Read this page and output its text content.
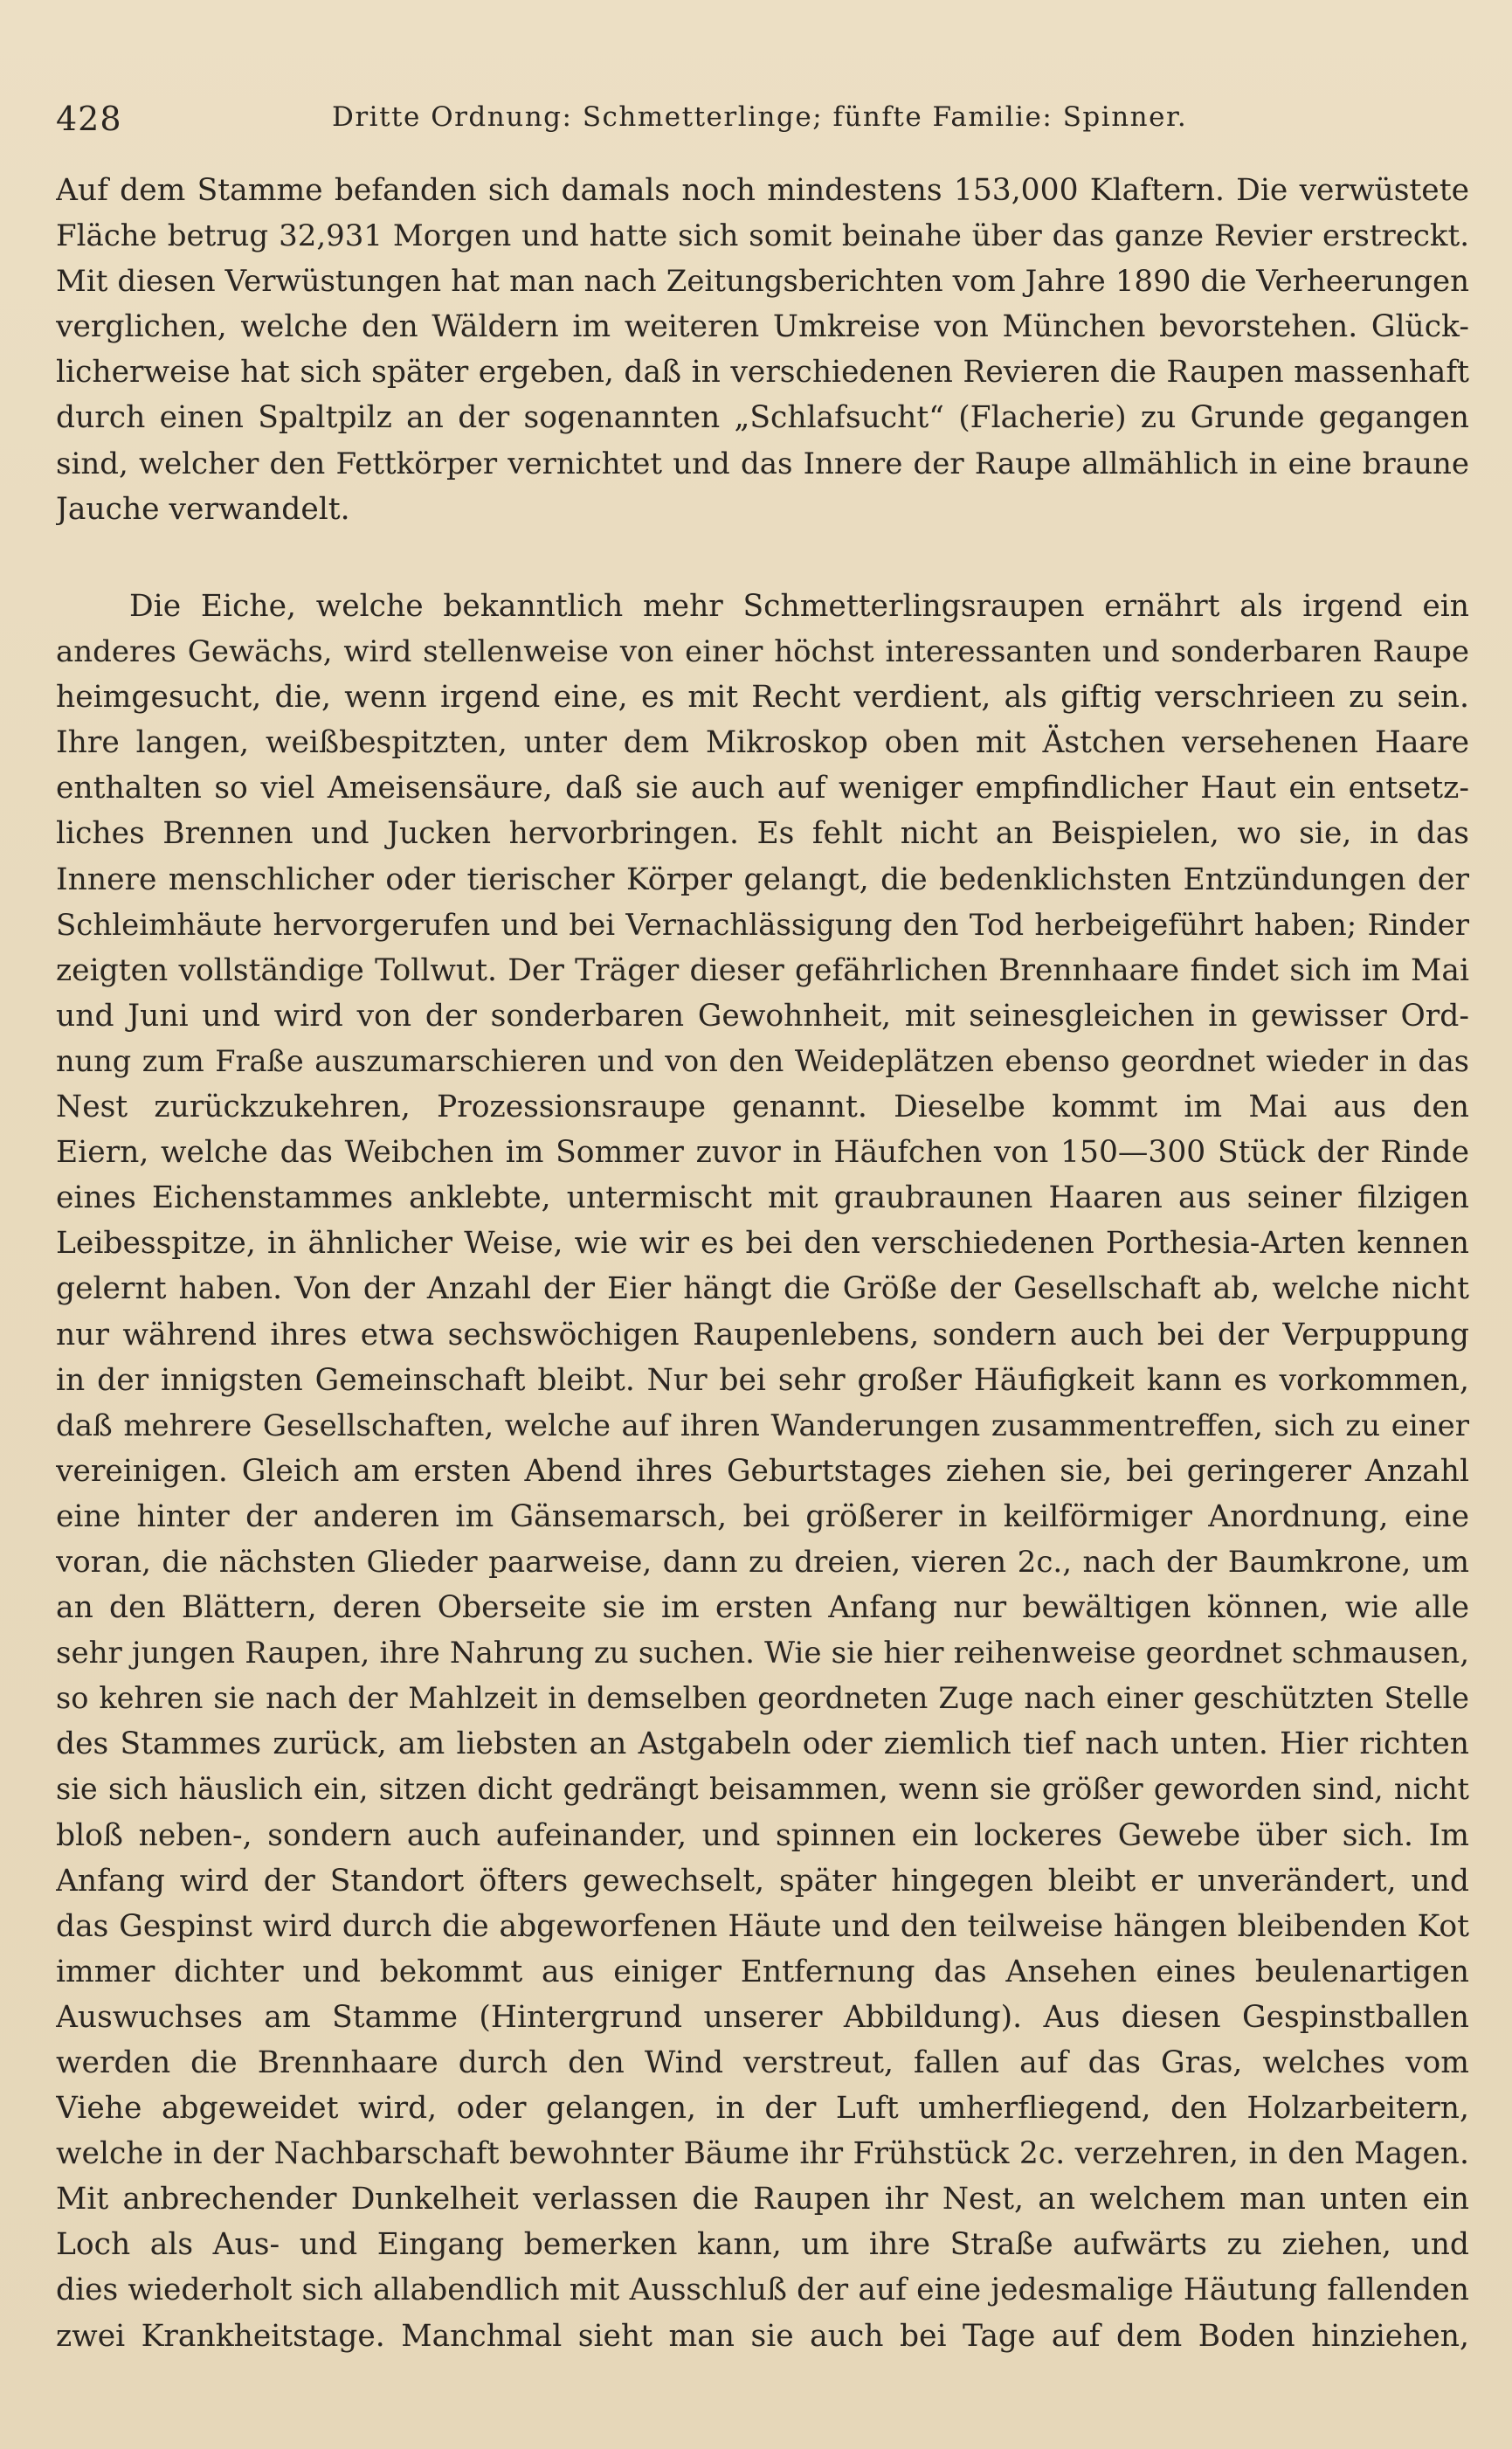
428	Dritte Ordnung: Schmetterlinge; fünfte Familie: Spinner.
Auf dem Stamme befanden sich damals noch mindestens 153,000 Klaftern. Die verwüstete
Fläche betrug 32,931 Morgen und hatte sich somit beinahe über das ganze Revier erstreckt.
Mit diesen Verwüstungen hat man nach Zeitungsberichten vom Jahre 1890 die Verheerungen
verglichen, welche den Wäldern im weiteren Umkreise von München bevorstehen. Glück-
licherweise hat sich später ergeben, daß in verschiedenen Revieren die Raupen massenhaft
durch einen Spaltpilz an der sogenannten „Schlafsucht“ (Flacherie) zu Grunde gegangen
sind, welcher den Fettkörper vernichtet und das Innere der Raupe allmählich in eine braune
Jauche verwandelt.
Die Eiche, welche bekanntlich mehr Schmetterlingsraupen ernährt als irgend ein
anderes Gewächs, wird stellenweise von einer höchst interessanten und sonderbaren Raupe
heimgesucht, die, wenn irgend eine, es mit Recht verdient, als giftig verschrieen zu sein.
Ihre langen, weißbespitzten, unter dem Mikroskop oben mit Ästchen versehenen Haare
enthalten so viel Ameisensäure, daß sie auch auf weniger empfindlicher Haut ein entsetz-
liches Brennen und Jucken hervorbringen. Es fehlt nicht an Beispielen, wo sie, in das
Innere menschlicher oder tierischer Körper gelangt, die bedenklichsten Entzündungen der
Schleimhäute hervorgerufen und bei Vernachlässigung den Tod herbeigeführt haben; Rinder
zeigten vollständige Tollwut. Der Träger dieser gefährlichen Brennhaare findet sich im Mai
und Juni und wird von der sonderbaren Gewohnheit, mit seinesgleichen in gewisser Ord-
nung zum Fraße auszumarschieren und von den Weideplätzen ebenso geordnet wieder in das
Nest zurückzukehren, Prozessionsraupe genannt. Dieselbe kommt im Mai aus den
Eiern, welche das Weibchen im Sommer zuvor in Häufchen von 150—300 Stück der Rinde
eines Eichenstammes anklebte, untermischt mit graubraunen Haaren aus seiner filzigen
Leibesspitze, in ähnlicher Weise, wie wir es bei den verschiedenen Porthesia-Arten kennen
gelernt haben. Von der Anzahl der Eier hängt die Größe der Gesellschaft ab, welche nicht
nur während ihres etwa sechswöchigen Raupenlebens, sondern auch bei der Verpuppung
in der innigsten Gemeinschaft bleibt. Nur bei sehr großer Häufigkeit kann es vorkommen,
daß mehrere Gesellschaften, welche auf ihren Wanderungen zusammentreffen, sich zu einer
vereinigen. Gleich am ersten Abend ihres Geburtstages ziehen sie, bei geringerer Anzahl
eine hinter der anderen im Gänsemarsch, bei größerer in keilförmiger Anordnung, eine
voran, die nächsten Glieder paarweise, dann zu dreien, vieren 2c., nach der Baumkrone, um
an den Blättern, deren Oberseite sie im ersten Anfang nur bewältigen können, wie alle
sehr jungen Raupen, ihre Nahrung zu suchen. Wie sie hier reihenweise geordnet schmausen,
so kehren sie nach der Mahlzeit in demselben geordneten Zuge nach einer geschützten Stelle
des Stammes zurück, am liebsten an Astgabeln oder ziemlich tief nach unten. Hier richten
sie sich häuslich ein, sitzen dicht gedrängt beisammen, wenn sie größer geworden sind, nicht
bloß neben-, sondern auch aufeinander, und spinnen ein lockeres Gewebe über sich. Im
Anfang wird der Standort öfters gewechselt, später hingegen bleibt er unverändert, und
das Gespinst wird durch die abgeworfenen Häute und den teilweise hängen bleibenden Kot
immer dichter und bekommt aus einiger Entfernung das Ansehen eines beulenartigen
Auswuchses am Stamme (Hintergrund unserer Abbildung). Aus diesen Gespinstballen
werden die Brennhaare durch den Wind verstreut, fallen auf das Gras, welches vom
Viehe abgeweidet wird, oder gelangen, in der Luft umherfliegend, den Holzarbeitern,
welche in der Nachbarschaft bewohnter Bäume ihr Frühstück 2c. verzehren, in den Magen.
Mit anbrechender Dunkelheit verlassen die Raupen ihr Nest, an welchem man unten ein
Loch als Aus- und Eingang bemerken kann, um ihre Straße aufwärts zu ziehen, und
dies wiederholt sich allabendlich mit Ausschluß der auf eine jedesmalige Häutung fallenden
zwei Krankheitstage. Manchmal sieht man sie auch bei Tage auf dem Boden hinziehen,
